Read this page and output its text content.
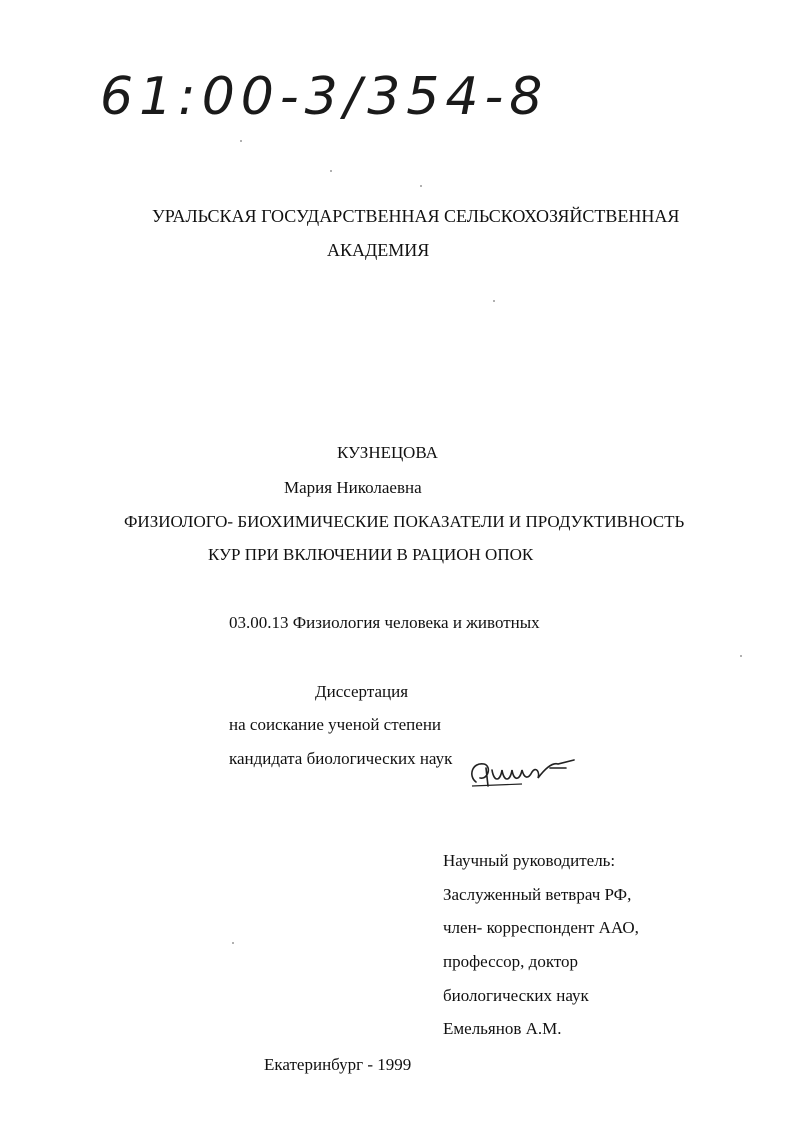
61:00-3/354-8
УРАЛЬСКАЯ ГОСУДАРСТВЕННАЯ СЕЛЬСКОХОЗЯЙСТВЕННАЯ
АКАДЕМИЯ
КУЗНЕЦОВА
Мария Николаевна
ФИЗИОЛОГО- БИОХИМИЧЕСКИЕ ПОКАЗАТЕЛИ И ПРОДУКТИВНОСТЬ
КУР ПРИ ВКЛЮЧЕНИИ В РАЦИОН ОПОК
03.00.13 Физиология человека и животных
Диссертация
на соискание ученой степени
кандидата биологических наук
Научный руководитель:
Заслуженный ветврач РФ,
член- корреспондент ААО,
профессор, доктор
биологических наук
Емельянов А.М.
Екатеринбург - 1999
